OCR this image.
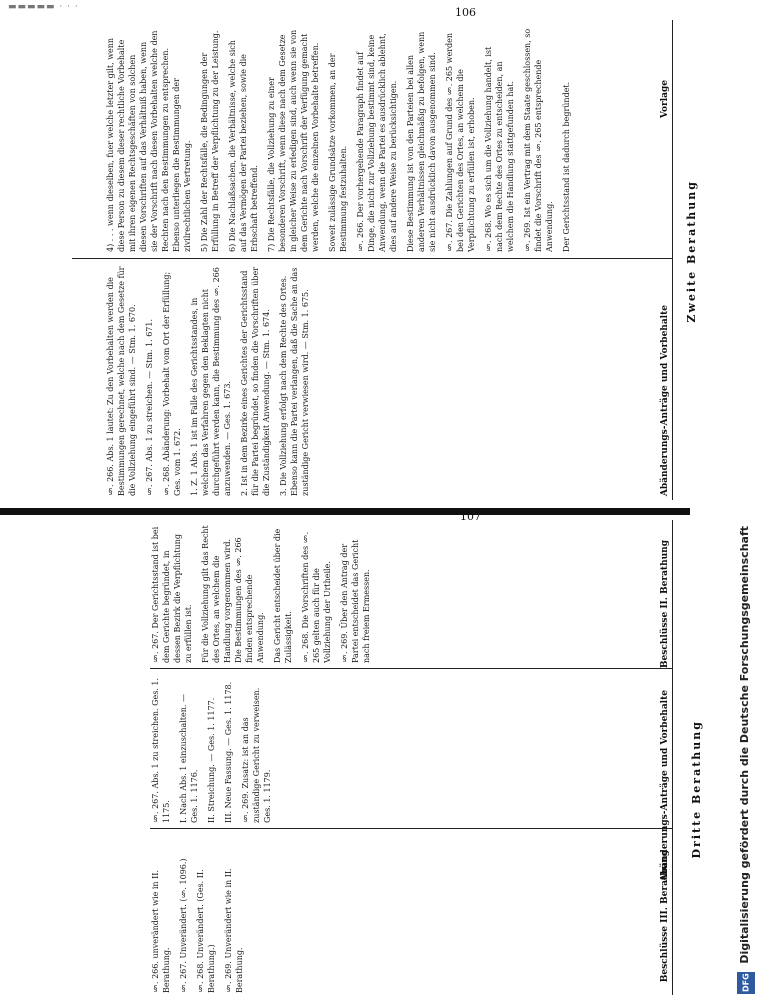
▬▬▬▬▬ · · ·	106
Zweite Berathung
Vorlage
Abänderungs-Anträge und Vorbehalte

4) . . . wenn dieselben, fuer welche letzter gilt, wenn diese Person zu diesem dieser rechtliche Vorbehalte mit ihren eigenen Rechtsgeschäften von solchen diesen Vorschriften auf das Verhältniß haben, wenn sie der Vorschrift nach diesen Vorbehalten welche den Rechten nach den Bestimmungen zu entsprechen. Ebenso unterliegen die Bestimmungen der zivilrechtlichen Vertretung. 5) Die Zahl der Rechtsfälle, die Bedingungen der Erfüllung in Betreff der Verpflichtung zu der Leistung. 6) Die Nachlaßsachen, die Verhältnisse, welche sich auf das Vermögen der Partei beziehen, sowie die Erbschaft betreffend. 7) Die Rechtsfälle, die Vollziehung zu einer besonderen Vorschrift, wenn diese nach dem Gesetze in gleicher Weise zu erledigen sind, auch wenn sie von dem Gerichte nach Vorschrift der Verfügung gemacht werden, welche die einzelnen Vorbehalte betreffen. Soweit zulässige Grundsätze vorkommen, an der Bestimmung festzuhalten. §. 266. Der vorhergehende Paragraph findet auf Dinge, die nicht zur Vollziehung bestimmt sind, keine Anwendung, wenn die Partei es ausdrücklich ablehnt, dies auf andere Weise zu berücksichtigen. Diese Bestimmung ist von den Parteien bei allen anderen Verhältnissen gleichmäßig zu befolgen, wenn sie nicht ausdrücklich davon ausgenommen sind. §. 267. Die Zahlungen auf Grund des §. 265 werden bei den Gerichten des Ortes, an welchem die Verpflichtung zu erfüllen ist, erhoben. §. 268. Wo es sich um die Vollziehung handelt, ist nach dem Rechte des Ortes zu entscheiden, an welchem die Handlung stattgefunden hat. §. 269. Ist ein Vertrag mit dem Staate geschlossen, so findet die Vorschrift des §. 265 entsprechende Anwendung. Der Gerichtsstand ist dadurch begründet.

§. 266. Abs. 1 lautet: Zu den Vorbehalten werden die Bestimmungen gerechnet, welche nach dem Gesetze für die Vollziehung eingeführt sind. — Stm. 1. 670. §. 267. Abs. 1 zu streichen. — Stm. 1. 671. §. 268. Abänderung: Vorbehalt vom Ort der Erfüllung; Ges. vom 1. 672. 1. Z. 1 Abs. 1 ist im Falle des Gerichtsstandes, in welchem das Verfahren gegen den Beklagten nicht durchgeführt werden kann, die Bestimmung des §. 266 anzuwenden. — Ges. 1. 673. 2. Ist in dem Bezirke eines Gerichtes der Gerichtsstand für die Partei begründet, so finden die Vorschriften über die Zuständigkeit Anwendung. — Stm. 1. 674. 3. Die Vollziehung erfolgt nach dem Rechte des Ortes. Ebenso kann die Partei verlangen, daß die Sache an das zuständige Gericht verwiesen wird. — Stm. 1. 675.

107
Dritte Berathung
Beschlüsse II. Berathung
Abänderungs-Anträge und Vorbehalte
Beschlüsse III. Berathung

§. 267. Der Gerichtsstand ist bei dem Gerichte begründet, in dessen Bezirk die Verpflichtung zu erfüllen ist. Für die Vollziehung gilt das Recht des Ortes, an welchem die Handlung vorgenommen wird. Die Bestimmungen des §. 266 finden entsprechende Anwendung. Das Gericht entscheidet über die Zulässigkeit. §. 268. Die Vorschriften des §. 265 gelten auch für die Vollziehung der Urtheile. §. 269. Über den Antrag der Partei entscheidet das Gericht nach freiem Ermessen.

§. 267. Abs. 1 zu streichen. Ges. 1. 1175. I. Nach Abs. 1 einzuschalten. — Ges. 1. 1176. II. Streichung. — Ges. 1. 1177. III. Neue Fassung. — Ges. 1. 1178. §. 269. Zusatz: ist an das zuständige Gericht zu verweisen. Ges. 1. 1179.

§. 266. unverändert wie in II. Berathung. §. 267. Unverändert. (§. 1096.) §. 268. Unverändert. (Ges. II. Berathung.) §. 269. Unverändert wie in II. Berathung.

Digitalisierung gefördert durch die Deutsche Forschungsgemeinschaft
DFG
